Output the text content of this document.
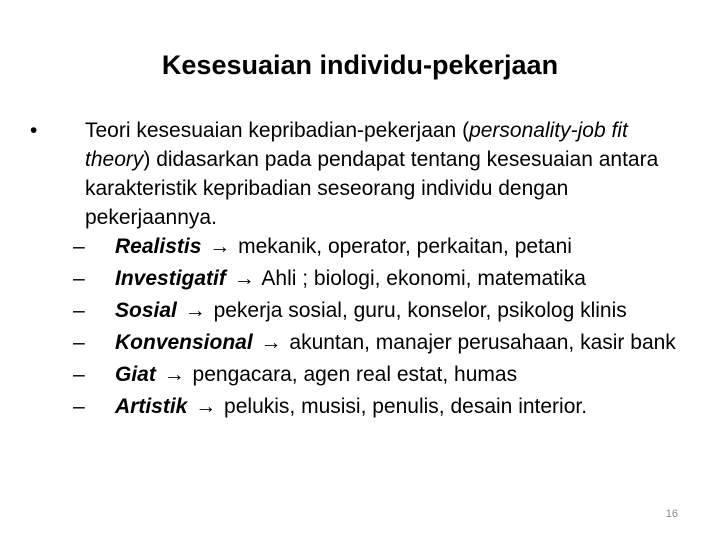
Kesesuaian individu-pekerjaan
• Teori kesesuaian kepribadian-pekerjaan (personality-job fit theory) didasarkan pada pendapat tentang kesesuaian antara karakteristik kepribadian seseorang individu dengan pekerjaannya.
– Realistis → mekanik, operator, perkaitan, petani
– Investigatif → Ahli ; biologi, ekonomi, matematika
– Sosial → pekerja sosial, guru, konselor, psikolog klinis
– Konvensional → akuntan, manajer perusahaan, kasir bank
– Giat → pengacara, agen real estat, humas
– Artistik → pelukis, musisi, penulis, desain interior.
16
